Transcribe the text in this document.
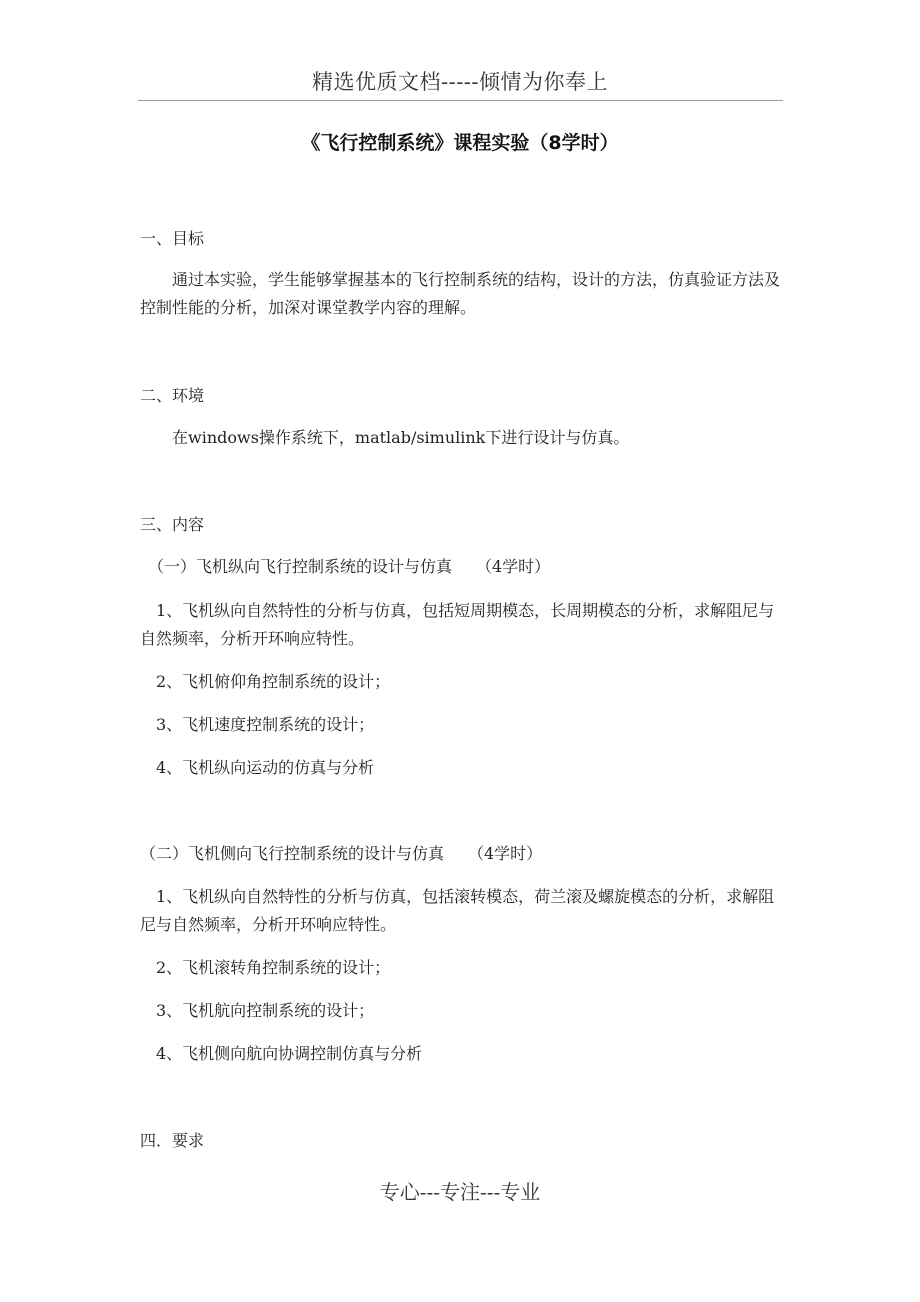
精选优质文档-----倾情为你奉上
《飞行控制系统》课程实验（8学时）
一、目标
　　通过本实验，学生能够掌握基本的飞行控制系统的结构，设计的方法，仿真验证方法及控制性能的分析，加深对课堂教学内容的理解。
二、环境
　　在windows操作系统下，matlab/simulink下进行设计与仿真。
三、内容
　（一）飞机纵向飞行控制系统的设计与仿真　　（4学时）
　1、飞机纵向自然特性的分析与仿真，包括短周期模态，长周期模态的分析，求解阻尼与自然频率，分析开环响应特性。
　2、飞机俯仰角控制系统的设计；
　3、飞机速度控制系统的设计；
　4、飞机纵向运动的仿真与分析
（二）飞机侧向飞行控制系统的设计与仿真　　（4学时）
　1、飞机纵向自然特性的分析与仿真，包括滚转模态，荷兰滚及螺旋模态的分析，求解阻尼与自然频率，分析开环响应特性。
　2、飞机滚转角控制系统的设计；
　3、飞机航向控制系统的设计；
　4、飞机侧向航向协调控制仿真与分析
四．要求
专心---专注---专业
